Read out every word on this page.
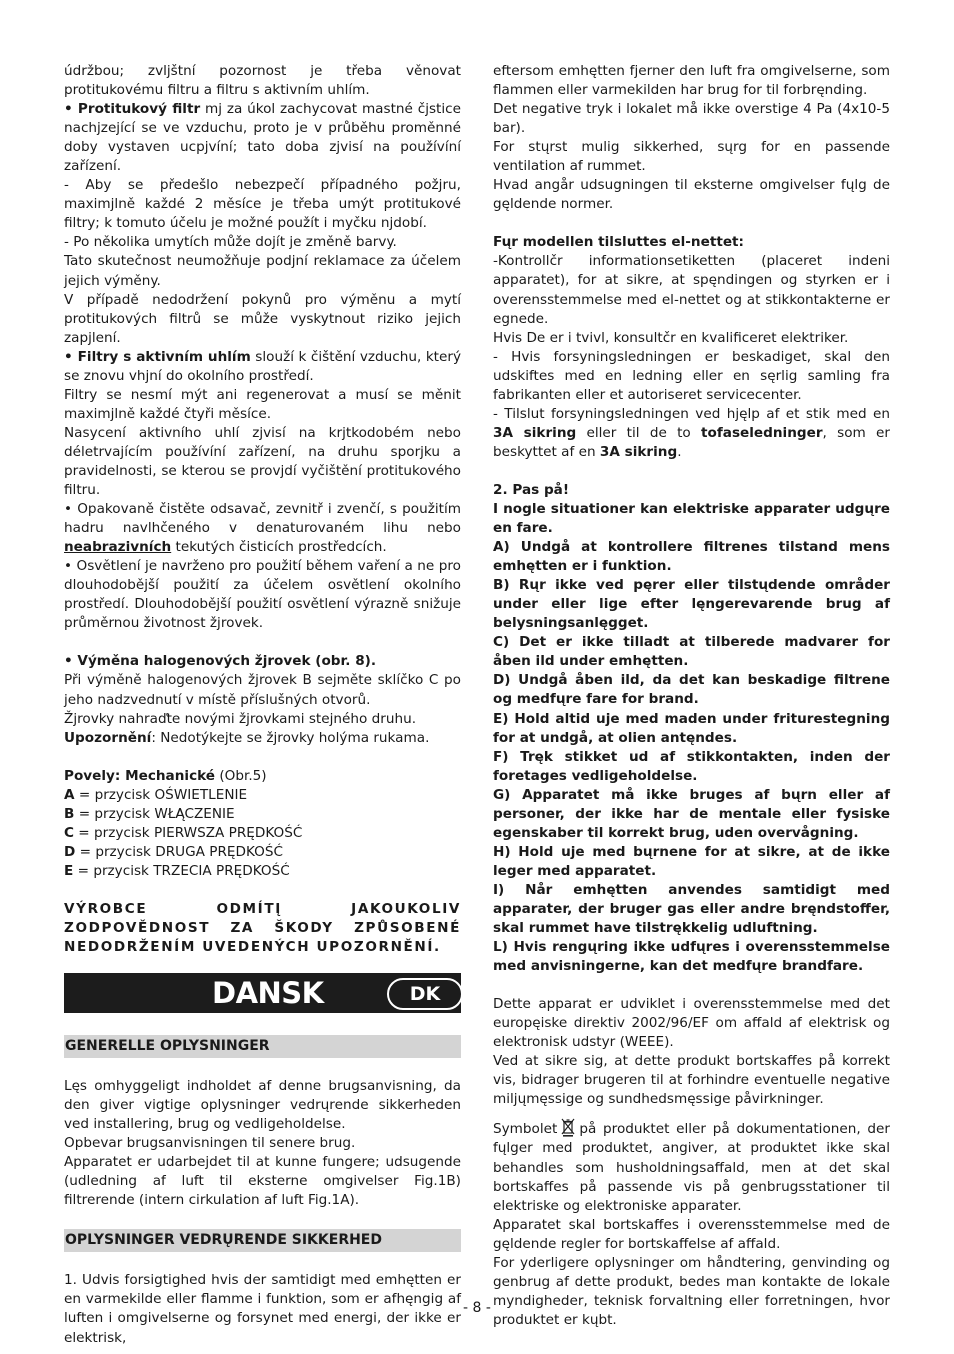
údržbou; zvljštní pozornost je třeba věnovat protitukovému filtru a filtru s aktivním uhlím.

• Protitukový filtr mj za úkol zachycovat mastné čjstice nachjzející se ve vzduchu, proto je v průběhu proměnné doby vystaven ucpjvíní; tato doba zjvisí na používíní zařízení.

- Aby se předešlo nebezpečí případného požjru, maximjlně každé 2 měsíce je třeba umýt protitukové filtry; k tomuto účelu je možné použít i myčku njdobí.

- Po několika umytích může dojít je změně barvy.

Tato skutečnost neumožňuje podjní reklamace za účelem jejich výměny.

V případě nedodržení pokynů pro výměnu a mytí protitukových filtrů se může vyskytnout riziko jejich zapjlení.

• Filtry s aktivním uhlím slouží k čištění vzduchu, který se znovu vhjní do okolního prostředí.

Filtry se nesmí mýt ani regenerovat a musí se měnit maximjlně každé čtyři měsíce.

Nasycení aktivního uhlí zjvisí na krjtkodobém nebo déletrvajícím používíní zařízení, na druhu sporjku a pravidelnosti, se kterou se provjdí vyčištění protitukového filtru.

• Opakovaně čistěte odsavač, zevnitř i zvenčí, s použitím hadru navlhčeného v denaturovaném lihu nebo neabrazivních tekutých čisticích prostředcích.

• Osvětlení je navrženo pro použití během vaření a ne pro dlouhodobější použití za účelem osvětlení okolního prostředí. Dlouhodobější použití osvětlení výrazně snižuje průměrnou životnost žjrovek.

• Výměna halogenových žjrovek (obr. 8).

Při výměně halogenových žjrovek B sejměte sklíčko C po jeho nadzvednutí v místě příslušných otvorů.

Žjrovky nahraďte novými žjrovkami stejného druhu.

Upozornění: Nedotýkejte se žjrovky holýma rukama.

Povely: Mechanické (Obr.5)

A = przycisk OŚWIETLENIE

B = przycisk WŁĄCZENIE

C = przycisk PIERWSZA PRĘDKOŚĆ

D = przycisk DRUGA PRĘDKOŚĆ

E = przycisk TRZECIA PRĘDKOŚĆ

VÝROBCE ODMÍTĮ JAKOUKOLIV ZODPOVĚDNOST ZA ŠKODY ZPŮSOBENÉ NEDODRŽENÍM UVEDENÝCH UPOZORNĚNÍ.

DANSK	DK

GENERELLE OPLYSNINGER

Lęs omhyggeligt indholdet af denne brugsanvisning, da den giver vigtige oplysninger vedrųrende sikkerheden ved installering, brug og vedligeholdelse.

Opbevar brugsanvisningen til senere brug.

Apparatet er udarbejdet til at kunne fungere; udsugende (udledning af luft til eksterne omgivelser Fig.1B) filtrerende (intern cirkulation af luft Fig.1A).

OPLYSNINGER VEDRŲRENDE SIKKERHED

1. Udvis forsigtighed hvis der samtidigt med emhętten er en varmekilde eller flamme i funktion, som er afhęngig af luften i omgivelserne og forsynet med energi, der ikke er elektrisk,

eftersom emhętten fjerner den luft fra omgivelserne, som flammen eller varmekilden har brug for til forbręnding.

Det negative tryk i lokalet må ikke overstige 4 Pa (4x10-5 bar).

For stųrst mulig sikkerhed, sųrg for en passende ventilation af rummet.

Hvad angår udsugningen til eksterne omgivelser fųlg de gęldende normer.

Fųr modellen tilsluttes el-nettet:

-Kontrollčr informationsetiketten (placeret indeni apparatet), for at sikre, at spęndingen og styrken er i overensstemmelse med el-nettet og at stikkontakterne er egnede.

Hvis De er i tvivl, konsultčr en kvalificeret elektriker.

- Hvis forsyningsledningen er beskadiget, skal den udskiftes med en ledning eller en sęrlig samling fra fabrikanten eller et autoriseret servicecenter.

- Tilslut forsyningsledningen ved hjęlp af et stik med en 3A sikring eller til de to tofaseledninger, som er beskyttet af en 3A sikring.

2. Pas på!

I nogle situationer kan elektriske apparater udgųre en fare.

A) Undgå at kontrollere filtrenes tilstand mens emhętten er i funktion.

B) Rųr ikke ved pęrer eller tilstųdende områder under eller lige efter lęngerevarende brug af belysningsanlęgget.

C) Det er ikke tilladt at tilberede madvarer for åben ild under emhętten.

D) Undgå åben ild, da det kan beskadige filtrene og medfųre fare for brand.

E) Hold altid uje med maden under friturestegning for at undgå, at olien antęndes.

F) Tręk stikket ud af stikkontakten, inden der foretages vedligeholdelse.

G) Apparatet må ikke bruges af bųrn eller af personer, der ikke har de mentale eller fysiske egenskaber til korrekt brug, uden overvågning.

H) Hold uje med bųrnene for at sikre, at de ikke leger med apparatet.

I) Når emhętten anvendes samtidigt med apparater, der bruger gas eller andre bręndstoffer, skal rummet have tilstrękkelig udluftning.

L) Hvis rengųring ikke udfųres i overensstemmelse med anvisningerne, kan det medfųre brandfare.

Dette apparat er udviklet i overensstemmelse med det europęiske direktiv 2002/96/EF om affald af elektrisk og elektronisk udstyr (WEEE).

Ved at sikre sig, at dette produkt bortskaffes på korrekt vis, bidrager brugeren til at forhindre eventuelle negative miljųmęssige og sundhedsmęssige påvirkninger.

Symbolet på produktet eller på dokumentationen, der fųlger med produktet, angiver, at produktet ikke skal behandles som husholdningsaffald, men at det skal bortskaffes på passende vis på genbrugsstationer til elektriske og elektroniske apparater.

Apparatet skal bortskaffes i overensstemmelse med de gęldende regler for bortskaffelse af affald.

For yderligere oplysninger om håndtering, genvinding og genbrug af dette produkt, bedes man kontakte de lokale myndigheder, teknisk forvaltning eller forretningen, hvor produktet er kųbt.

- 8 -
